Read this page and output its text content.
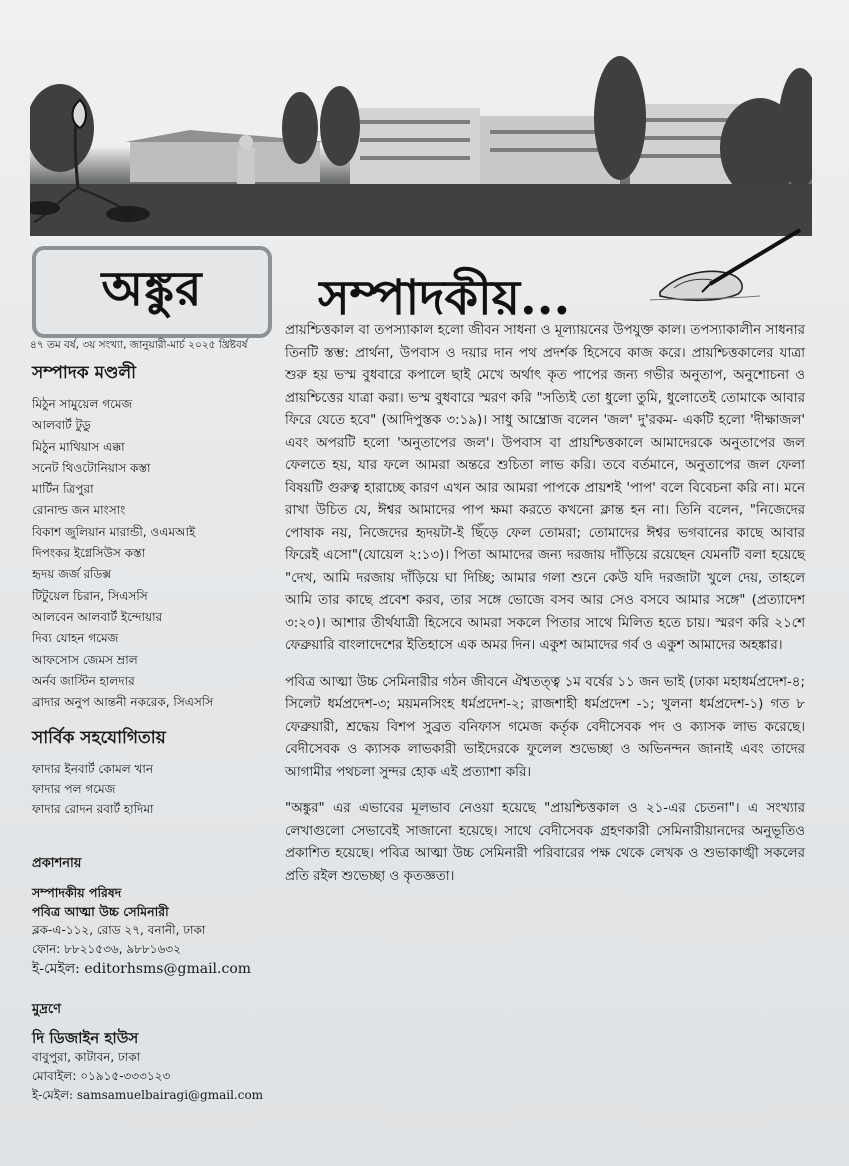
অঙ্কুর সম্পাদকীয়...
৪৭ তম বর্ষ, ৩য় সংখ্যা, জানুয়ারী-মার্চ ২০২৫ খ্রিষ্টবর্ষ
সম্পাদক মণ্ডলী
মিঠুন সামুয়েল গমেজ
আলবার্ট টুডু
মিঠুন মাথিয়াস এক্কা
সনেট থিওটোনিয়াস কস্তা
মার্টিন ত্রিপুরা
রোনাল্ড জন মাংসাং
বিকাশ জুলিয়ান মারান্ডী, ওএমআই
দিপংকর ইগ্নেসিউস কস্তা
হৃদয় জর্জ রডিক্স
টিটুয়েল চিরান, সিএসসি
আলবেন আলবার্ট ইন্দোয়ার
দিব্য যোহন গমেজ
আফসোস জেমস ম্রাল
অর্নব জাস্টিন হালদার
ব্রাদার অনুপ আন্তনী নকরেক, সিএসসি
সার্বিক সহযোগিতায়
ফাদার ইনবার্ট কোমল খান
ফাদার পল গমেজ
ফাদার রোদন রবার্ট হাদিমা
প্রকাশনায়
সম্পাদকীয় পরিষদ
পবিত্র আত্মা উচ্চ সেমিনারী
ব্লক-এ-১১২, রোড ২৭, বনানী, ঢাকা
ফোন: ৮৮২১৫৩৬, ৯৮৮১৬৩২
ই-মেইল: editorhsms@gmail.com
মুদ্রণে
দি ডিজাইন হাউস
বাবুপুরা, কাটাবন, ঢাকা
মোবাইল: ০১৯১৫-৩৩৩১২৩
ই-মেইল: samsamuelbairagi@gmail.com

প্রায়শ্চিত্তকাল বা তপস্যাকাল হলো জীবন সাধনা ও মূল্যায়নের উপযুক্ত কাল। তপস্যাকালীন সাধনার তিনটি স্তম্ভ: প্রার্থনা, উপবাস ও দয়ার দান পথ প্রদর্শক হিসেবে কাজ করে। প্রায়শ্চিত্তকালের যাত্রা শুরু হয় ভস্ম বুধবারে কপালে ছাই মেখে অর্থাৎ কৃত পাপের জন্য গভীর অনুতাপ, অনুশোচনা ও প্রায়শ্চিত্তের যাত্রা করা। ভস্ম বুধবারে স্মরণ করি "সত্যিই তো ধুলো তুমি, ধুলোতেই তোমাকে আবার ফিরে যেতে হবে" (আদিপুস্তক ৩:১৯)। সাধু আম্ব্রোজ বলেন 'জল' দু'রকম- একটি হলো 'দীক্ষাজল' এবং অপরটি হলো 'অনুতাপের জল'। উপবাস বা প্রায়শ্চিত্তকালে আমাদেরকে অনুতাপের জল ফেলতে হয়, যার ফলে আমরা অন্তরে শুচিতা লাভ করি। তবে বর্তমানে, অনুতাপের জল ফেলা বিষয়টি গুরুত্ব হারাচ্ছে কারণ এখন আর আমরা পাপকে প্রায়শই 'পাপ' বলে বিবেচনা করি না। মনে রাখা উচিত যে, ঈশ্বর আমাদের পাপ ক্ষমা করতে কখনো ক্লান্ত হন না। তিনি বলেন, "নিজেদের পোষাক নয়, নিজেদের হৃদয়টা-ই ছিঁড়ে ফেল তোমরা; তোমাদের ঈশ্বর ভগবানের কাছে আবার ফিরেই এসো"(যোয়েল ২:১৩)। পিতা আমাদের জন্য দরজায় দাঁড়িয়ে রয়েছেন যেমনটি বলা হয়েছে "দেখ, আমি দরজায় দাঁড়িয়ে ঘা দিচ্ছি; আমার গলা শুনে কেউ যদি দরজাটা খুলে দেয়, তাহলে আমি তার কাছে প্রবেশ করব, তার সঙ্গে ভোজে বসব আর সেও বসবে আমার সঙ্গে" (প্রত্যাদেশ ৩:২০)। আশার তীর্থযাত্রী হিসেবে আমরা সকলে পিতার সাথে মিলিত হতে চায়। স্মরণ করি ২১শে ফেব্রুয়ারি বাংলাদেশের ইতিহাসে এক অমর দিন। একুশ আমাদের গর্ব ও একুশ আমাদের অহঙ্কার।

পবিত্র আত্মা উচ্চ সেমিনারীর গঠন জীবনে ঐশ্বতত্ত্ব ১ম বর্ষের ১১ জন ভাই (ঢাকা মহাধর্মপ্রদেশ-৪; সিলেট ধর্মপ্রদেশ-৩; ময়মনসিংহ ধর্মপ্রদেশ-২; রাজশাহী ধর্মপ্রদেশ -১; খুলনা ধর্মপ্রদেশ-১) গত ৮ ফেব্রুয়ারী, শ্রদ্ধেয় বিশপ সুব্রত বনিফাস গমেজ কর্তৃক বেদীসেবক পদ ও ক্যাসক লাভ করেছে। বেদীসেবক ও ক্যাসক লাভকারী ভাইদেরকে ফুলেল শুভেচ্ছা ও অভিনন্দন জানাই এবং তাদের আগামীর পথচলা সুন্দর হোক এই প্রত্যাশা করি।

"অঙ্কুর" এর এভাবের মূলভাব নেওয়া হয়েছে "প্রায়শ্চিত্তকাল ও ২১-এর চেতনা"। এ সংখ্যার লেখাগুলো সেভাবেই সাজানো হয়েছে। সাথে বেদীসেবক গ্রহণকারী সেমিনারীয়ানদের অনুভূতিও প্রকাশিত হয়েছে। পবিত্র আত্মা উচ্চ সেমিনারী পরিবারের পক্ষ থেকে লেখক ও শুভাকাঙ্খী সকলের প্রতি রইল শুভেচ্ছা ও কৃতজ্ঞতা।
